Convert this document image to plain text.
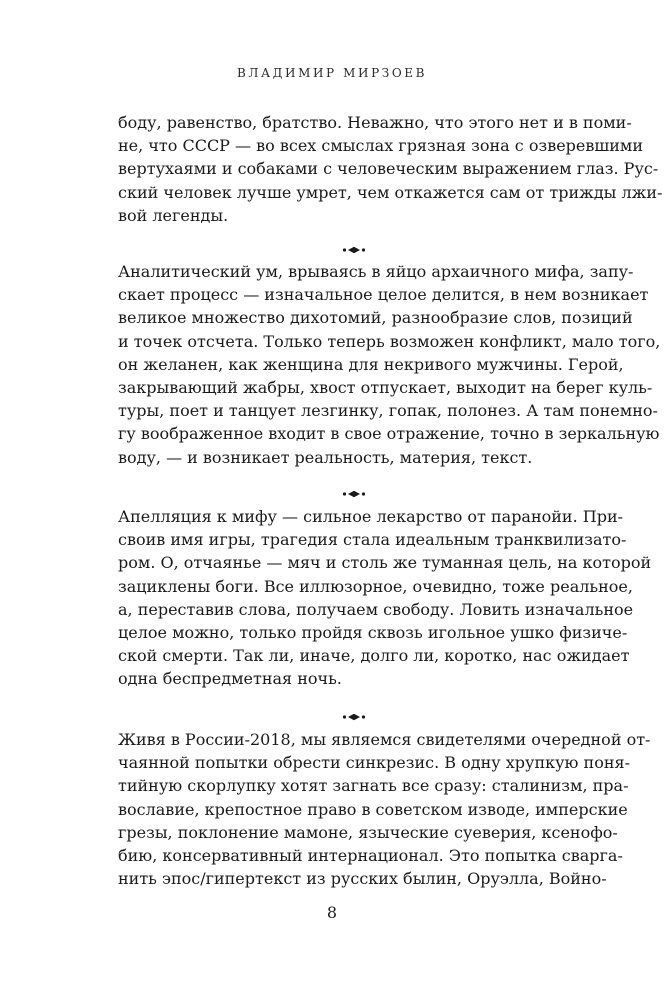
ВЛАДИМИР МИРЗОЕВ
боду, равенство, братство. Неважно, что этого нет и в поми-
не, что СССР — во всех смыслах грязная зона с озверевшими
вертухаями и собаками с человеческим выражением глаз. Рус-
ский человек лучше умрет, чем откажется сам от трижды лжи-
вой легенды.
Аналитический ум, врываясь в яйцо архаичного мифа, запу-
скает процесс — изначальное целое делится, в нем возникает
великое множество дихотомий, разнообразие слов, позиций
и точек отсчета. Только теперь возможен конфликт, мало того,
он желанен, как женщина для некривого мужчины. Герой,
закрывающий жабры, хвост отпускает, выходит на берег куль-
туры, поет и танцует лезгинку, гопак, полонез. А там понемно-
гу воображенное входит в свое отражение, точно в зеркальную
воду, — и возникает реальность, материя, текст.
Апелляция к мифу — сильное лекарство от паранойи. При-
своив имя игры, трагедия стала идеальным транквилизато-
ром. О, отчаянье — мяч и столь же туманная цель, на которой
зациклены боги. Все иллюзорное, очевидно, тоже реальное,
а, переставив слова, получаем свободу. Ловить изначальное
целое можно, только пройдя сквозь игольное ушко физиче-
ской смерти. Так ли, иначе, долго ли, коротко, нас ожидает
одна беспредметная ночь.
Живя в России-2018, мы являемся свидетелями очередной от-
чаянной попытки обрести синкрезис. В одну хрупкую поня-
тийную скорлупку хотят загнать все сразу: сталинизм, пра-
вославие, крепостное право в советском изводе, имперские
грезы, поклонение мамоне, языческие суеверия, ксенофо-
бию, консервативный интернационал. Это попытка сварга-
нить эпос/гипертекст из русских былин, Оруэлла, Войно-
8
